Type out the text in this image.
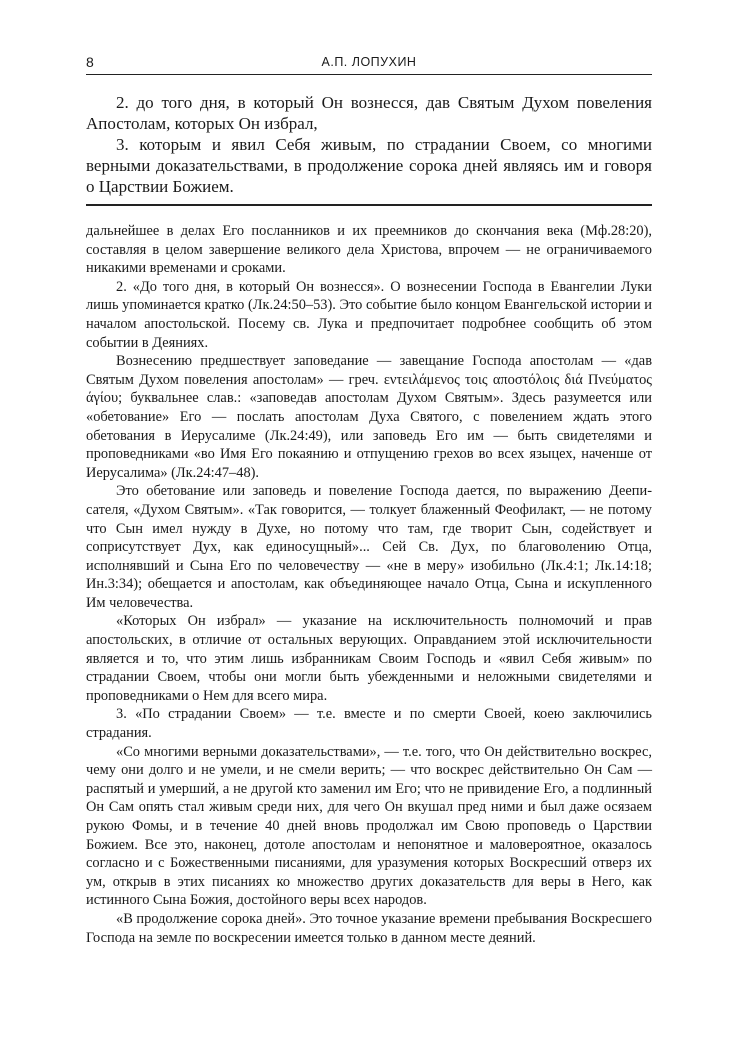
8	А.П. ЛОПУХИН

2. до того дня, в который Он вознесся, дав Святым Духом повеления Апостолам, которых Он избрал,

3. которым и явил Себя живым, по страдании Своем, со многими верными доказательствами, в продолжение сорока дней являясь им и говоря о Царствии Божием.

дальнейшее в делах Его посланников и их преемников до скончания века (Мф.28:20), составляя в целом завершение великого дела Христова, впрочем — не ограничиваемого никакими временами и сроками.

2. «До того дня, в который Он вознесся». О вознесении Господа в Евангелии Луки лишь упоминается кратко (Лк.24:50–53). Это событие было концом Евангельской истории и началом апостольской. Посему св. Лука и предпочитает подробнее сообщить об этом событии в Деяниях.

Вознесению предшествует заповедание — завещание Господа апостолам — «дав Святым Духом повеления апостолам» — греч. εντειλάμενος τοις αποστόλοις διά Πνεύματος άγίου; буквальнее слав.: «заповедав апостолам Духом Святым». Здесь разумеется или «обетование» Его — послать апостолам Духа Святого, с повелением ждать этого обетования в Иерусалиме (Лк.24:49), или заповедь Его им — быть свидетелями и проповедниками «во Имя Его покаянию и отпущению грехов во всех языцех, наченше от Иерусалима» (Лк.24:47–48).

Это обетование или заповедь и повеление Господа дается, по выражению Деепи-сателя, «Духом Святым». «Так говорится, — толкует блаженный Феофилакт, — не потому что Сын имел нужду в Духе, но потому что там, где творит Сын, содействует и соприсутствует Дух, как единосущный»... Сей Св. Дух, по благоволению Отца, исполнявший и Сына Его по человечеству — «не в меру» изобильно (Лк.4:1; Лк.14:18; Ин.3:34); обещается и апостолам, как объединяющее начало Отца, Сына и искупленного Им человечества.

«Которых Он избрал» — указание на исключительность полномочий и прав апостольских, в отличие от остальных верующих. Оправданием этой исключительности является и то, что этим лишь избранникам Своим Господь и «явил Себя живым» по страдании Своем, чтобы они могли быть убежденными и неложными свидетелями и проповедниками о Нем для всего мира.

3. «По страдании Своем» — т.е. вместе и по смерти Своей, коею заключились страдания.

«Со многими верными доказательствами», — т.е. того, что Он действительно воскрес, чему они долго и не умели, и не смели верить; — что воскрес действительно Он Сам — распятый и умерший, а не другой кто заменил им Его; что не привидение Его, а подлинный Он Сам опять стал живым среди них, для чего Он вкушал пред ними и был даже осязаем рукою Фомы, и в течение 40 дней вновь продолжал им Свою проповедь о Царствии Божием. Все это, наконец, дотоле апостолам и непонятное и маловероятное, оказалось согласно и с Божественными писаниями, для уразумения которых Воскресший отверз их ум, открыв в этих писаниях ко множество других доказательств для веры в Него, как истинного Сына Божия, достойного веры всех народов.

«В продолжение сорока дней». Это точное указание времени пребывания Воскресшего Господа на земле по воскресении имеется только в данном месте деяний.
